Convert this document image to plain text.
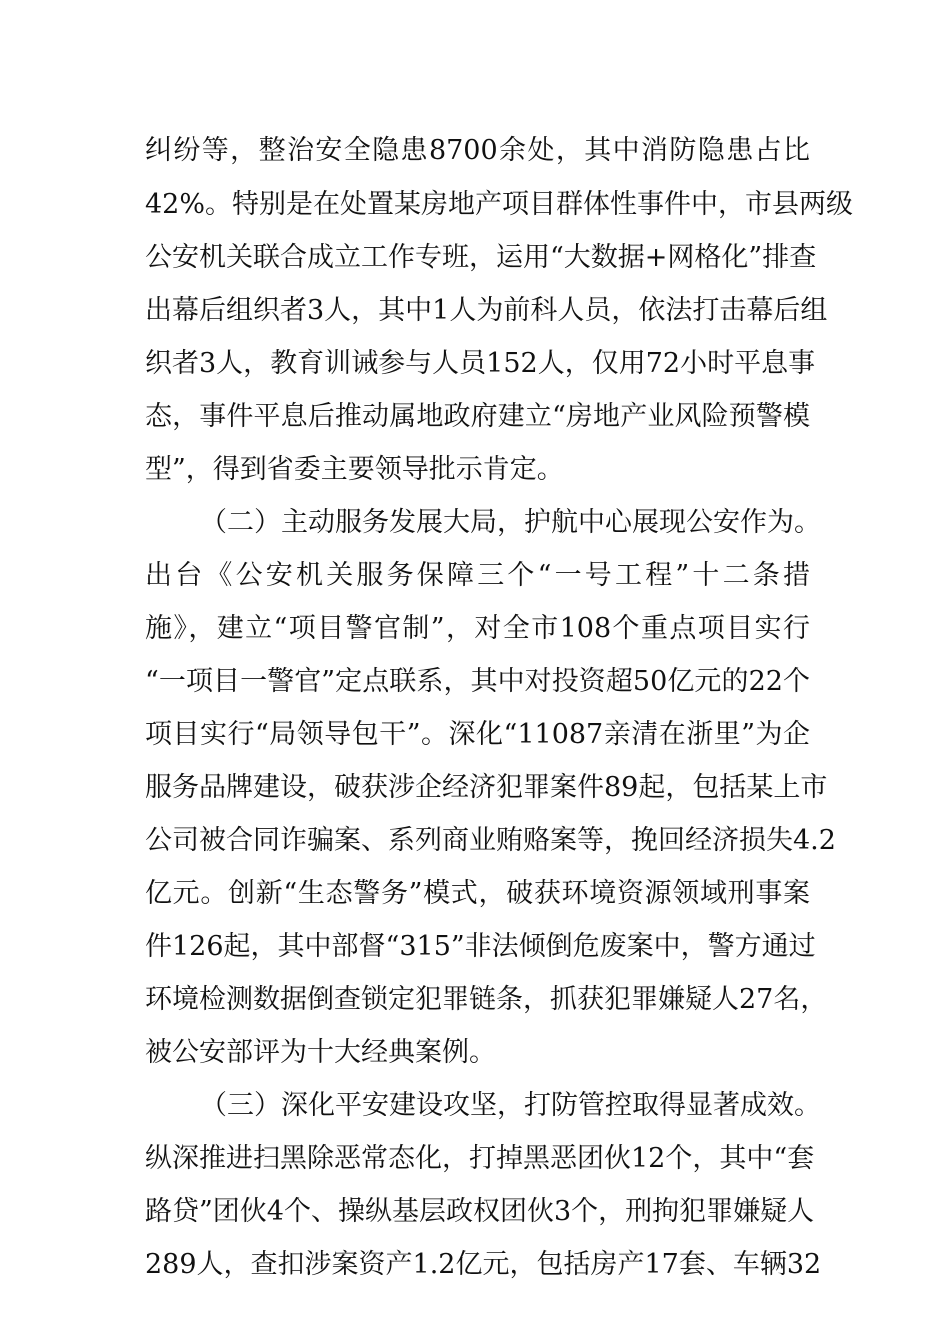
纠纷等，整治安全隐患8700余处，其中消防隐患占比
42%。特别是在处置某房地产项目群体性事件中，市县两级
公安机关联合成立工作专班，运用“大数据+网格化”排查
出幕后组织者3人，其中1人为前科人员，依法打击幕后组
织者3人，教育训诫参与人员152人，仅用72小时平息事
态，事件平息后推动属地政府建立“房地产业风险预警模
型”，得到省委主要领导批示肯定。
（二）主动服务发展大局，护航中心展现公安作为。
出台《公安机关服务保障三个“一号工程”十二条措
施》，建立“项目警官制”，对全市108个重点项目实行
“一项目一警官”定点联系，其中对投资超50亿元的22个
项目实行“局领导包干”。深化“11087亲清在浙里”为企
服务品牌建设，破获涉企经济犯罪案件89起，包括某上市
公司被合同诈骗案、系列商业贿赂案等，挽回经济损失4.2
亿元。创新“生态警务”模式，破获环境资源领域刑事案
件126起，其中部督“315”非法倾倒危废案中，警方通过
环境检测数据倒查锁定犯罪链条，抓获犯罪嫌疑人27名，
被公安部评为十大经典案例。
（三）深化平安建设攻坚，打防管控取得显著成效。
纵深推进扫黑除恶常态化，打掉黑恶团伙12个，其中“套
路贷”团伙4个、操纵基层政权团伙3个，刑拘犯罪嫌疑人
289人，查扣涉案资产1.2亿元，包括房产17套、车辆32
